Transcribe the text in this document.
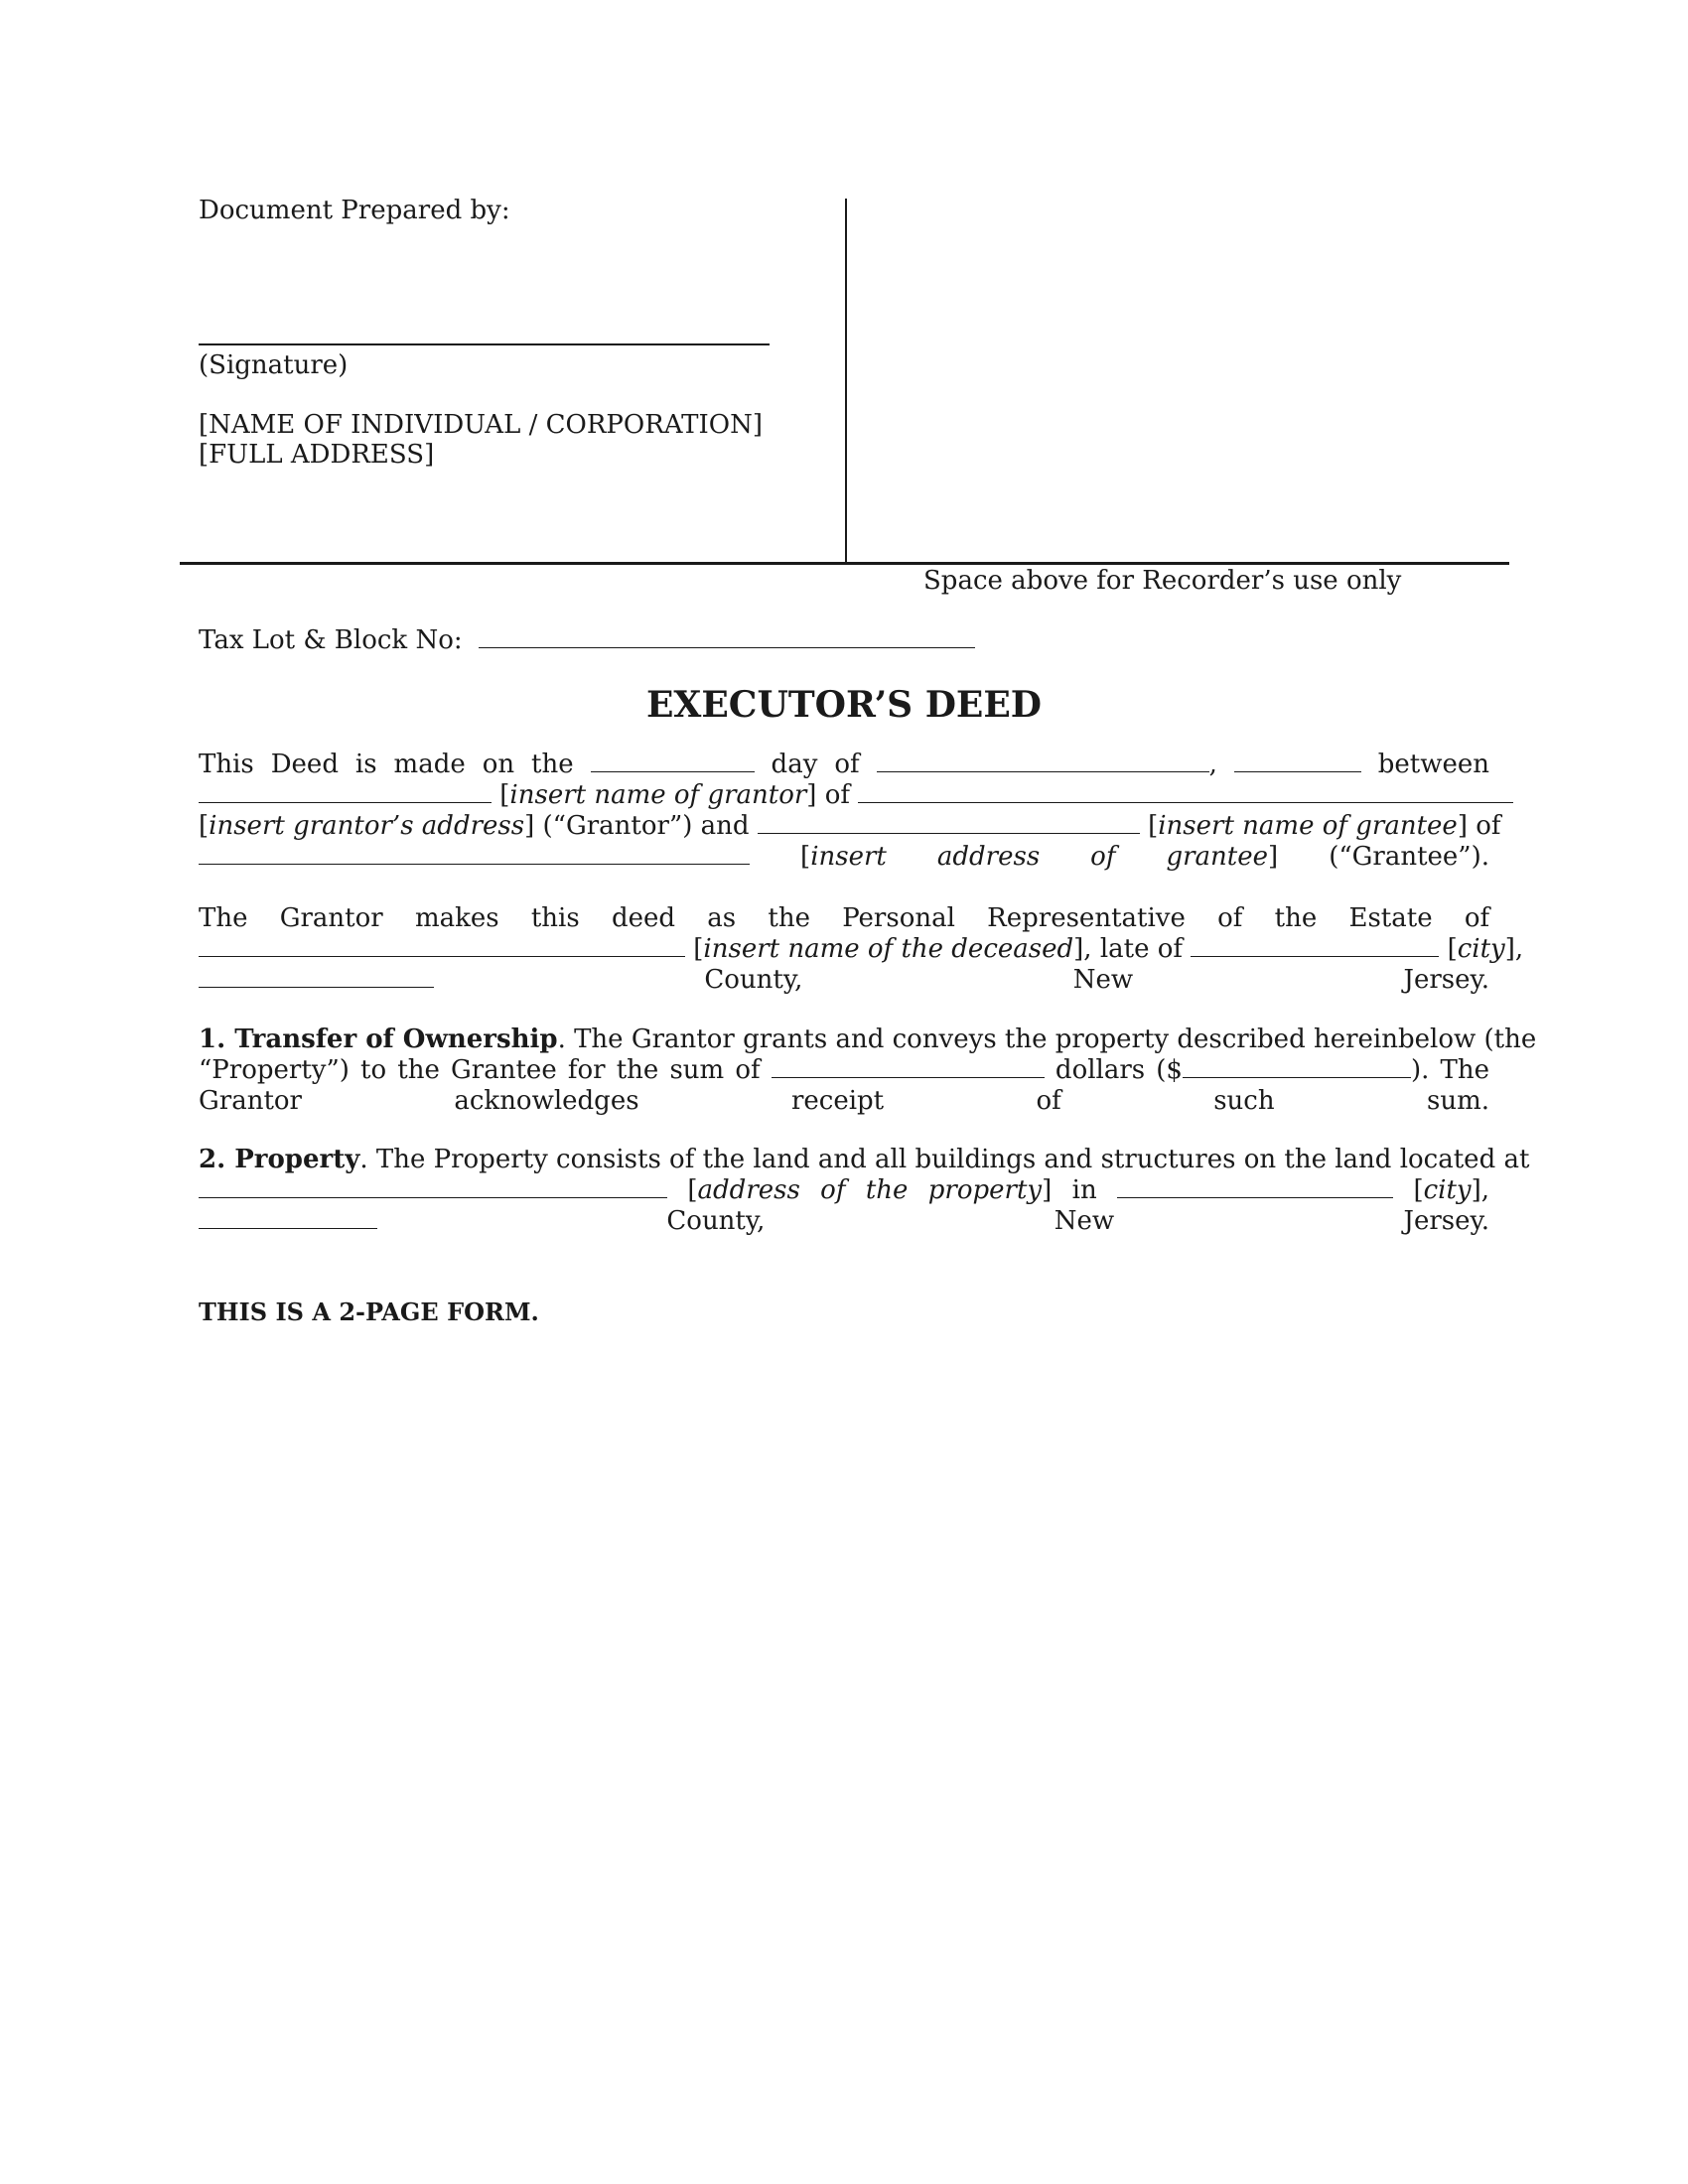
Document Prepared by:
(Signature)
[NAME OF INDIVIDUAL / CORPORATION]
[FULL ADDRESS]
Space above for Recorder’s use only
Tax Lot & Block No:
EXECUTOR’S DEED
This Deed is made on the	day of	,	between
[insert name of grantor] of
[insert grantor’s address] (“Grantor”) and	[insert name of grantee] of
[insert address of grantee] (“Grantee”).
The Grantor makes this deed as the Personal Representative of the Estate of
[insert name of the deceased], late of	[city],
County, New Jersey.
1. Transfer of Ownership. The Grantor grants and conveys the property described hereinbelow (the
“Property”) to the Grantee for the sum of	dollars ($	). The
Grantor acknowledges receipt of such sum.
2. Property. The Property consists of the land and all buildings and structures on the land located at
[address of the property] in	[city],
County, New Jersey.
THIS IS A 2-PAGE FORM.
